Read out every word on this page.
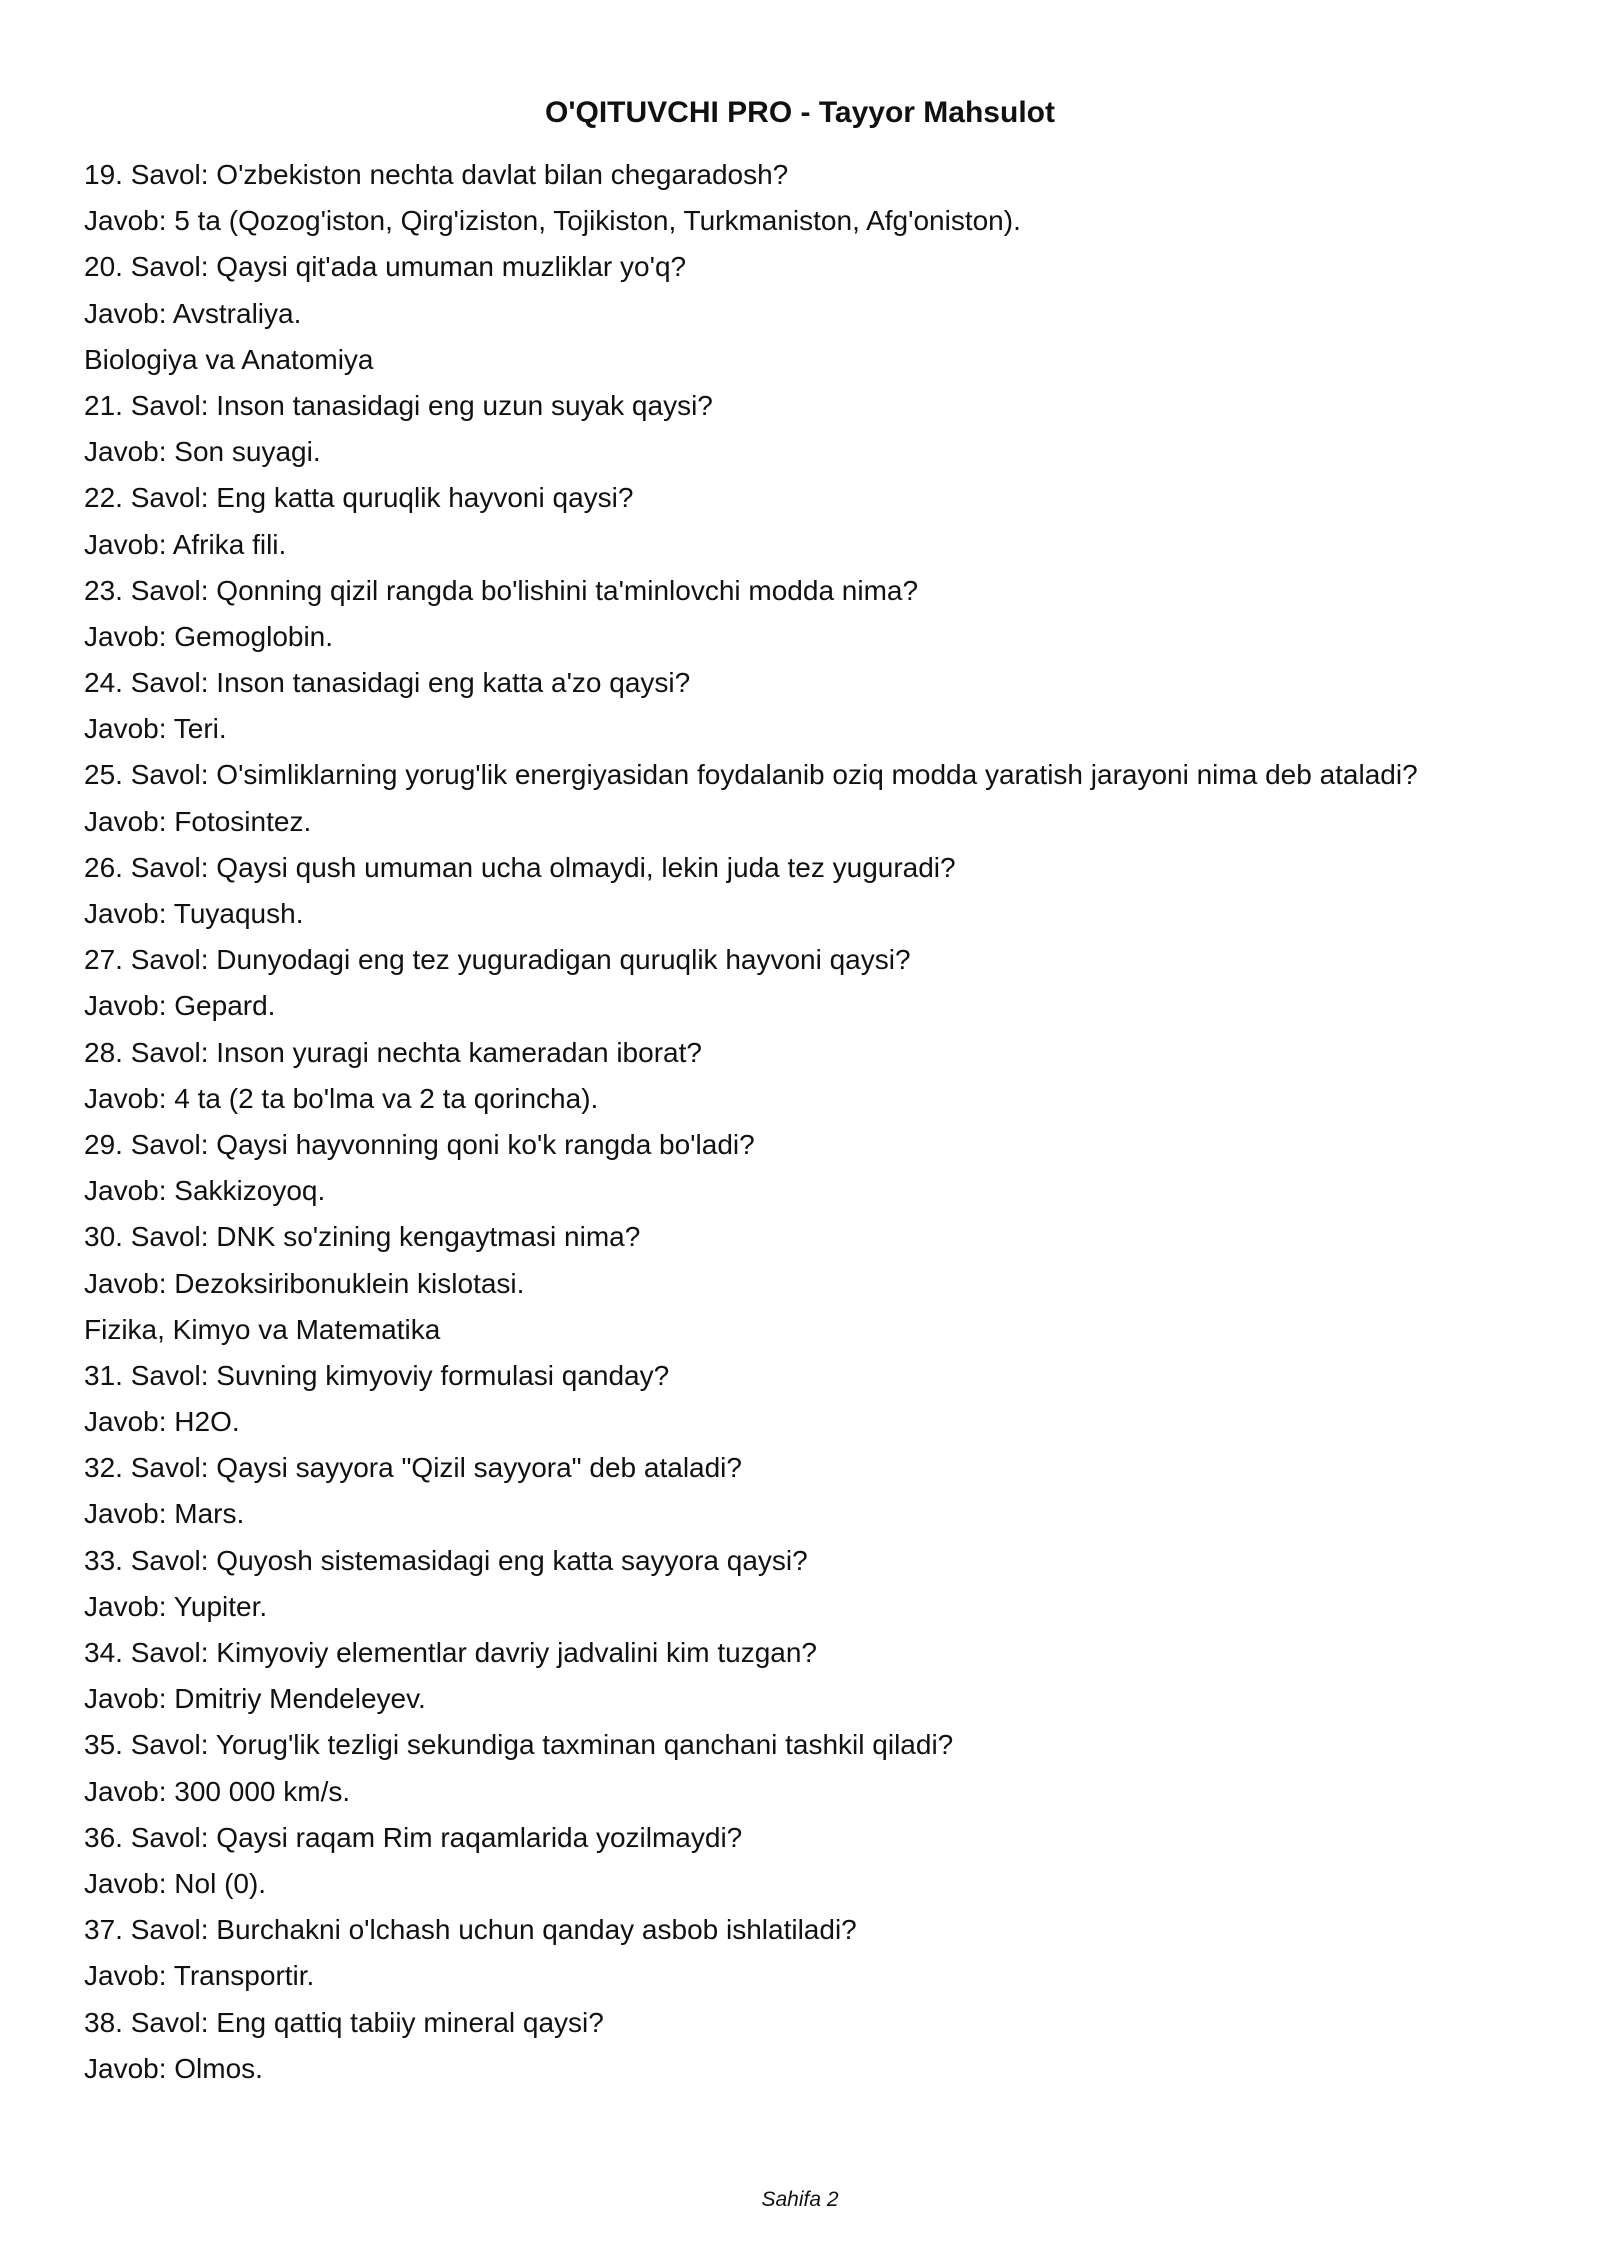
O'QITUVCHI PRO - Tayyor Mahsulot

19. Savol: O'zbekiston nechta davlat bilan chegaradosh?

Javob: 5 ta (Qozog'iston, Qirg'iziston, Tojikiston, Turkmaniston, Afg'oniston).

20. Savol: Qaysi qit'ada umuman muzliklar yo'q?

Javob: Avstraliya.

Biologiya va Anatomiya

21. Savol: Inson tanasidagi eng uzun suyak qaysi?

Javob: Son suyagi.

22. Savol: Eng katta quruqlik hayvoni qaysi?

Javob: Afrika fili.

23. Savol: Qonning qizil rangda bo'lishini ta'minlovchi modda nima?

Javob: Gemoglobin.

24. Savol: Inson tanasidagi eng katta a'zo qaysi?

Javob: Teri.

25. Savol: O'simliklarning yorug'lik energiyasidan foydalanib oziq modda yaratish jarayoni nima deb ataladi?

Javob: Fotosintez.

26. Savol: Qaysi qush umuman ucha olmaydi, lekin juda tez yuguradi?

Javob: Tuyaqush.

27. Savol: Dunyodagi eng tez yuguradigan quruqlik hayvoni qaysi?

Javob: Gepard.

28. Savol: Inson yuragi nechta kameradan iborat?

Javob: 4 ta (2 ta bo'lma va 2 ta qorincha).

29. Savol: Qaysi hayvonning qoni ko'k rangda bo'ladi?

Javob: Sakkizoyoq.

30. Savol: DNK so'zining kengaytmasi nima?

Javob: Dezoksiribonuklein kislotasi.

Fizika, Kimyo va Matematika

31. Savol: Suvning kimyoviy formulasi qanday?

Javob: H2O.

32. Savol: Qaysi sayyora "Qizil sayyora" deb ataladi?

Javob: Mars.

33. Savol: Quyosh sistemasidagi eng katta sayyora qaysi?

Javob: Yupiter.

34. Savol: Kimyoviy elementlar davriy jadvalini kim tuzgan?

Javob: Dmitriy Mendeleyev.

35. Savol: Yorug'lik tezligi sekundiga taxminan qanchani tashkil qiladi?

Javob: 300 000 km/s.

36. Savol: Qaysi raqam Rim raqamlarida yozilmaydi?

Javob: Nol (0).

37. Savol: Burchakni o'lchash uchun qanday asbob ishlatiladi?

Javob: Transportir.

38. Savol: Eng qattiq tabiiy mineral qaysi?

Javob: Olmos.

Sahifa 2
